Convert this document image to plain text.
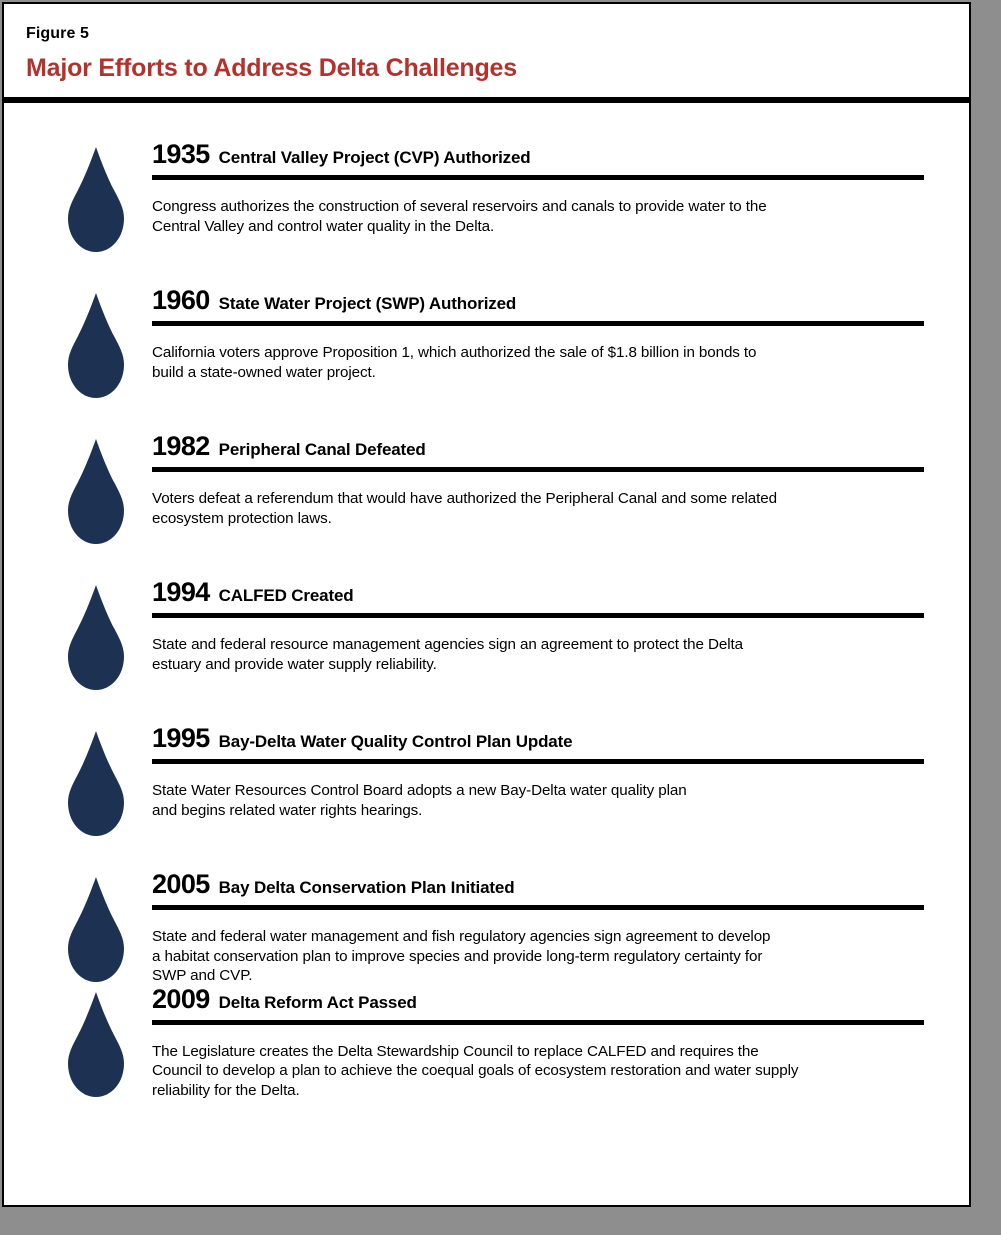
Figure 5
Major Efforts to Address Delta Challenges
1935 Central Valley Project (CVP) Authorized
Congress authorizes the construction of several reservoirs and canals to provide water to the
Central Valley and control water quality in the Delta.
1960 State Water Project (SWP) Authorized
California voters approve Proposition 1, which authorized the sale of $1.8 billion in bonds to
build a state-owned water project.
1982 Peripheral Canal Defeated
Voters defeat a referendum that would have authorized the Peripheral Canal and some related
ecosystem protection laws.
1994 CALFED Created
State and federal resource management agencies sign an agreement to protect the Delta
estuary and provide water supply reliability.
1995 Bay-Delta Water Quality Control Plan Update
State Water Resources Control Board adopts a new Bay-Delta water quality plan
and begins related water rights hearings.
2005 Bay Delta Conservation Plan Initiated
State and federal water management and fish regulatory agencies sign agreement to develop
a habitat conservation plan to improve species and provide long-term regulatory certainty for
SWP and CVP.
2009 Delta Reform Act Passed
The Legislature creates the Delta Stewardship Council to replace CALFED and requires the
Council to develop a plan to achieve the coequal goals of ecosystem restoration and water supply
reliability for the Delta.
